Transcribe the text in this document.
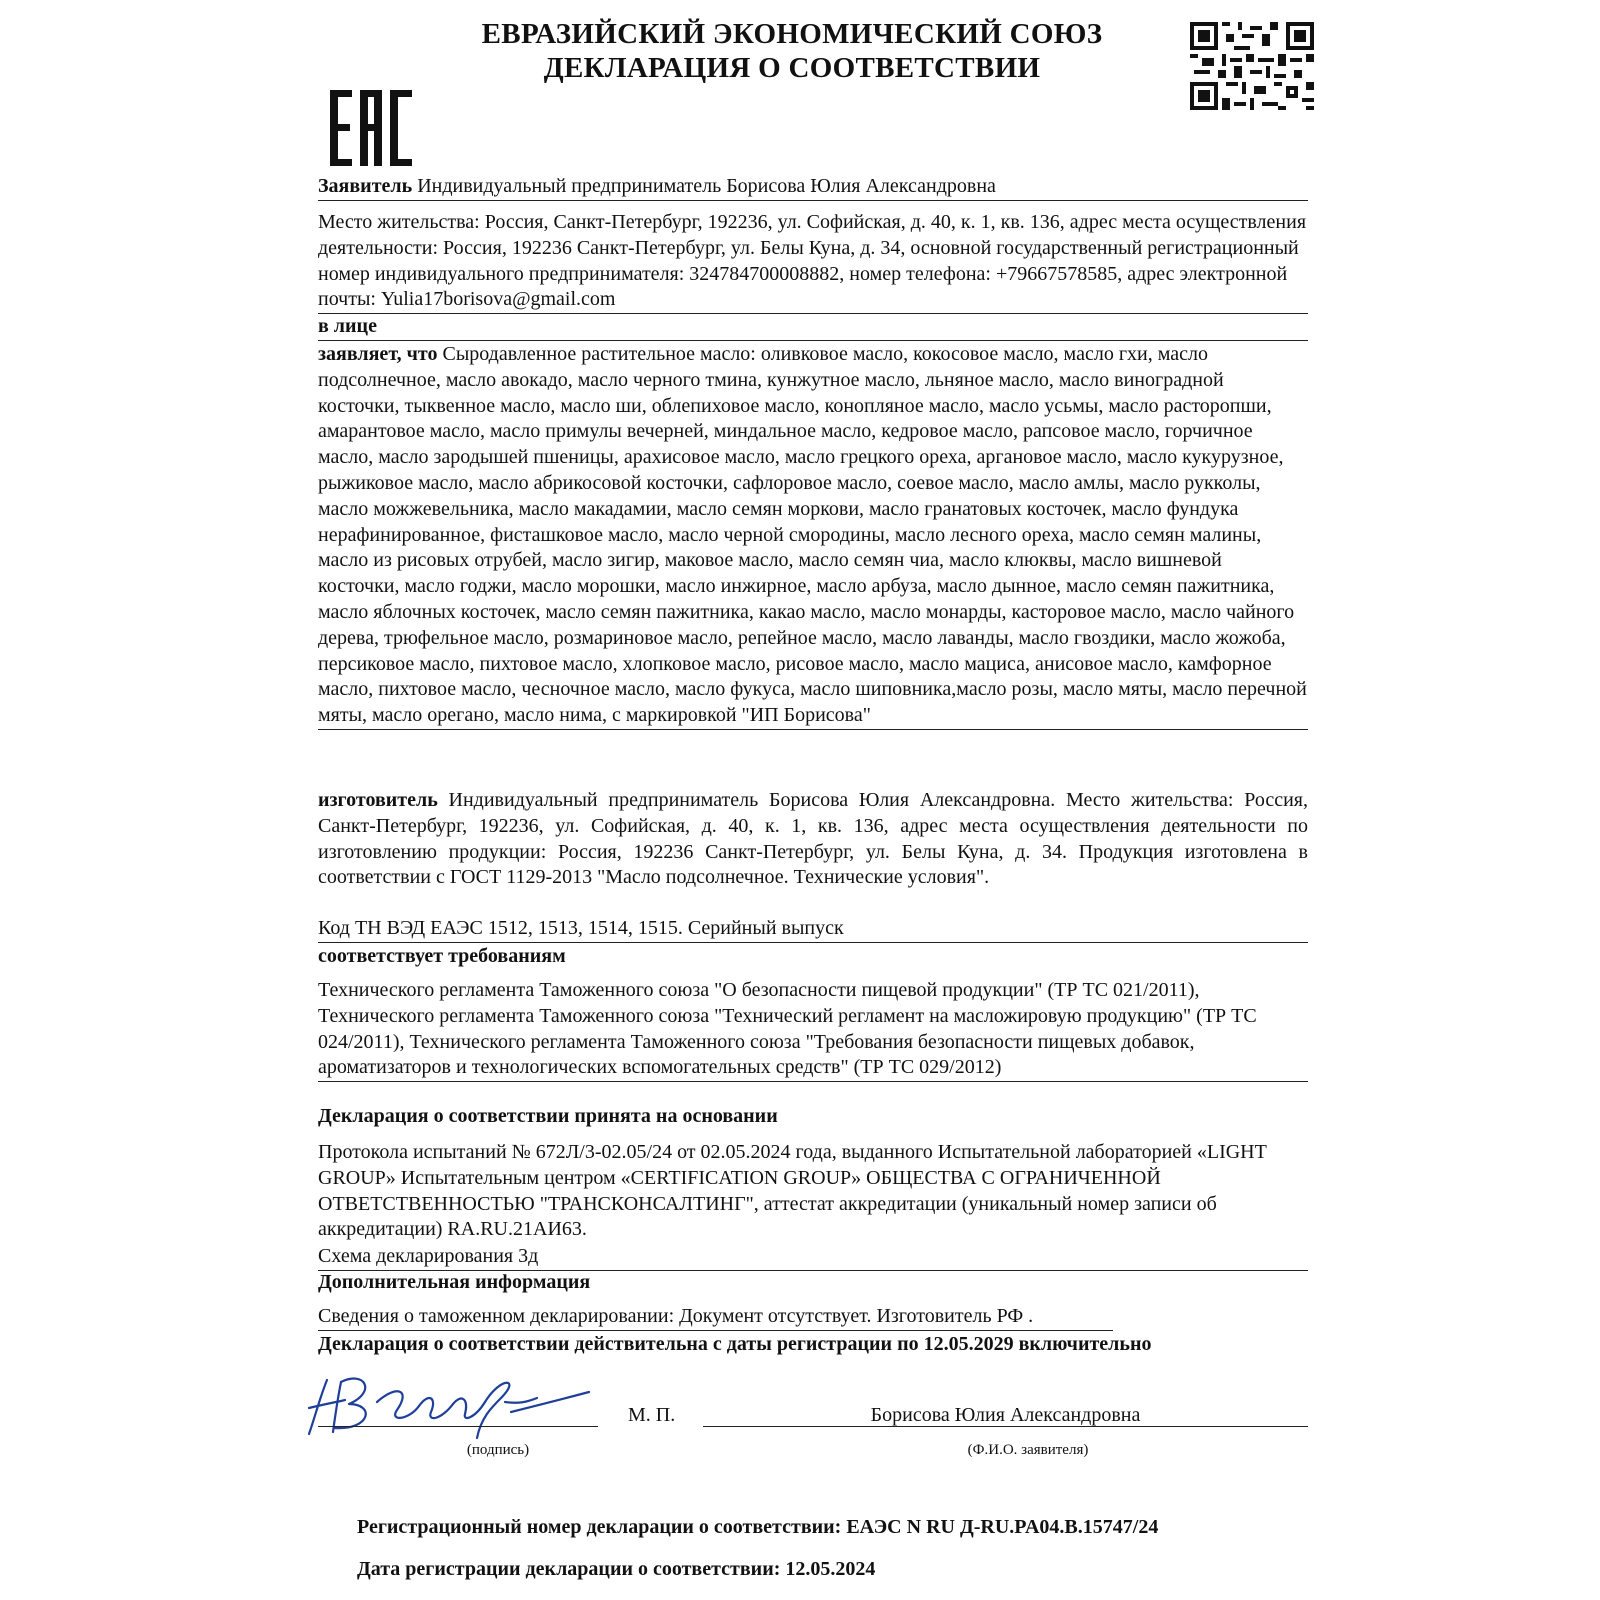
ЕВРАЗИЙСКИЙ ЭКОНОМИЧЕСКИЙ СОЮЗ
ДЕКЛАРАЦИЯ О СООТВЕТСТВИИ
Заявитель Индивидуальный предприниматель Борисова Юлия Александровна
Место жительства: Россия, Санкт-Петербург, 192236, ул. Софийская, д. 40, к. 1, кв. 136, адрес места осуществления деятельности: Россия, 192236 Санкт-Петербург, ул. Белы Куна, д. 34, основной государственный регистрационный номер индивидуального предпринимателя: 324784700008882, номер телефона: +79667578585, адрес электронной почты: Yulia17borisova@gmail.com
в лице
заявляет, что Сыродавленное растительное масло: оливковое масло, кокосовое масло, масло гхи, масло подсолнечное, масло авокадо, масло черного тмина, кунжутное масло, льняное масло, масло виноградной косточки, тыквенное масло, масло ши, облепиховое масло, конопляное масло, масло усьмы, масло расторопши, амарантовое масло, масло примулы вечерней, миндальное масло, кедровое масло, рапсовое масло, горчичное масло, масло зародышей пшеницы, арахисовое масло, масло грецкого ореха, аргановое масло, масло кукурузное, рыжиковое масло, масло абрикосовой косточки, сафлоровое масло, соевое масло, масло амлы, масло рукколы, масло можжевельника, масло макадамии, масло семян моркови, масло гранатовых косточек, масло фундука нерафинированное, фисташковое масло, масло черной смородины, масло лесного ореха, масло семян малины, масло из рисовых отрубей, масло зигир, маковое масло, масло семян чиа, масло клюквы, масло вишневой косточки, масло годжи, масло морошки, масло инжирное, масло арбуза, масло дынное, масло семян пажитника, масло яблочных косточек, масло семян пажитника, какао масло, масло монарды, касторовое масло, масло чайного дерева, трюфельное масло, розмариновое масло, репейное масло, масло лаванды, масло гвоздики, масло жожоба, персиковое масло, пихтовое масло, хлопковое масло, рисовое масло, масло мациса, анисовое масло, камфорное масло, пихтовое масло, чесночное масло, масло фукуса, масло шиповника,масло розы, масло мяты, масло перечной мяты, масло орегано, масло нима, с маркировкой "ИП Борисова"
изготовитель Индивидуальный предприниматель Борисова Юлия Александровна. Место жительства: Россия, Санкт-Петербург, 192236, ул. Софийская, д. 40, к. 1, кв. 136, адрес места осуществления деятельности по изготовлению продукции: Россия, 192236 Санкт-Петербург, ул. Белы Куна, д. 34. Продукция изготовлена в соответствии с ГОСТ 1129-2013 "Масло подсолнечное. Технические условия".
Код ТН ВЭД ЕАЭС 1512, 1513, 1514, 1515. Серийный выпуск
соответствует требованиям
Технического регламента Таможенного союза "О безопасности пищевой продукции" (ТР ТС 021/2011), Технического регламента Таможенного союза "Технический регламент на масложировую продукцию" (ТР ТС 024/2011), Технического регламента Таможенного союза "Требования безопасности пищевых добавок, ароматизаторов и технологических вспомогательных средств" (ТР ТС 029/2012)
Декларация о соответствии принята на основании
Протокола испытаний № 672Л/3-02.05/24 от 02.05.2024 года, выданного Испытательной лабораторией «LIGHT GROUP» Испытательным центром «CERTIFICATION GROUP» ОБЩЕСТВА С ОГРАНИЧЕННОЙ ОТВЕТСТВЕННОСТЬЮ "ТРАНСКОНСАЛТИНГ", аттестат аккредитации (уникальный номер записи об аккредитации) RA.RU.21АИ63.
Схема декларирования 3д
Дополнительная информация
Сведения о таможенном декларировании: Документ отсутствует. Изготовитель РФ .
Декларация о соответствии действительна с даты регистрации по 12.05.2029 включительно
М. П.	Борисова Юлия Александровна
(подпись)	(Ф.И.О. заявителя)
Регистрационный номер декларации о соответствии: ЕАЭС N RU Д-RU.PA04.B.15747/24
Дата регистрации декларации о соответствии: 12.05.2024
